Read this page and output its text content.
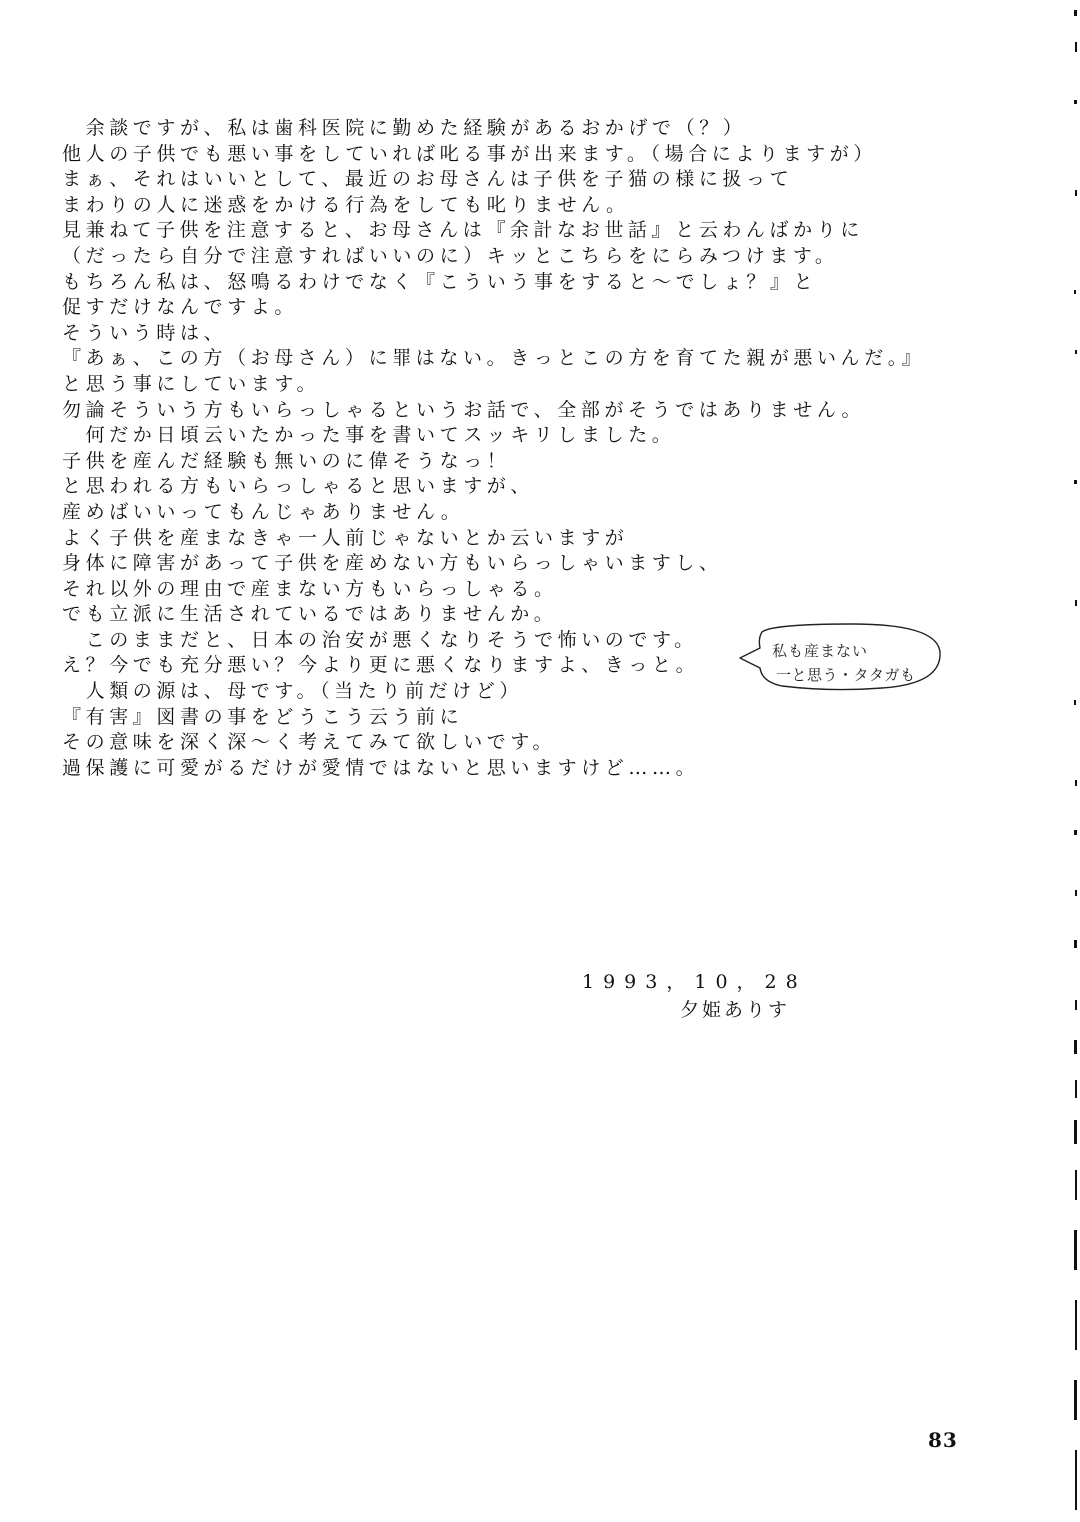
　余談ですが、私は歯科医院に勤めた経験があるおかげで（？）
他人の子供でも悪い事をしていれば叱る事が出来ます。（場合によりますが）
まぁ、それはいいとして、最近のお母さんは子供を子猫の様に扱って
まわりの人に迷惑をかける行為をしても叱りません。
見兼ねて子供を注意すると、お母さんは『余計なお世話』と云わんばかりに
（だったら自分で注意すればいいのに）キッとこちらをにらみつけます。
もちろん私は、怒鳴るわけでなく『こういう事をすると～でしょ？』と
促すだけなんですよ。
そういう時は、
『あぁ、この方（お母さん）に罪はない。きっとこの方を育てた親が悪いんだ。』
と思う事にしています。
勿論そういう方もいらっしゃるというお話で、全部がそうではありません。
　何だか日頃云いたかった事を書いてスッキリしました。
子供を産んだ経験も無いのに偉そうなっ！
と思われる方もいらっしゃると思いますが、
産めばいいってもんじゃありません。
よく子供を産まなきゃ一人前じゃないとか云いますが
身体に障害があって子供を産めない方もいらっしゃいますし、
それ以外の理由で産まない方もいらっしゃる。
でも立派に生活されているではありませんか。
　このままだと、日本の治安が悪くなりそうで怖いのです。
え？今でも充分悪い？今より更に悪くなりますよ、きっと。
　人類の源は、母です。（当たり前だけど）
『有害』図書の事をどうこう云う前に
その意味を深く深～く考えてみて欲しいです。
過保護に可愛がるだけが愛情ではないと思いますけど……。
私も産まない
一と思う・タタガも
1993，10，28
夕姫ありす
83
